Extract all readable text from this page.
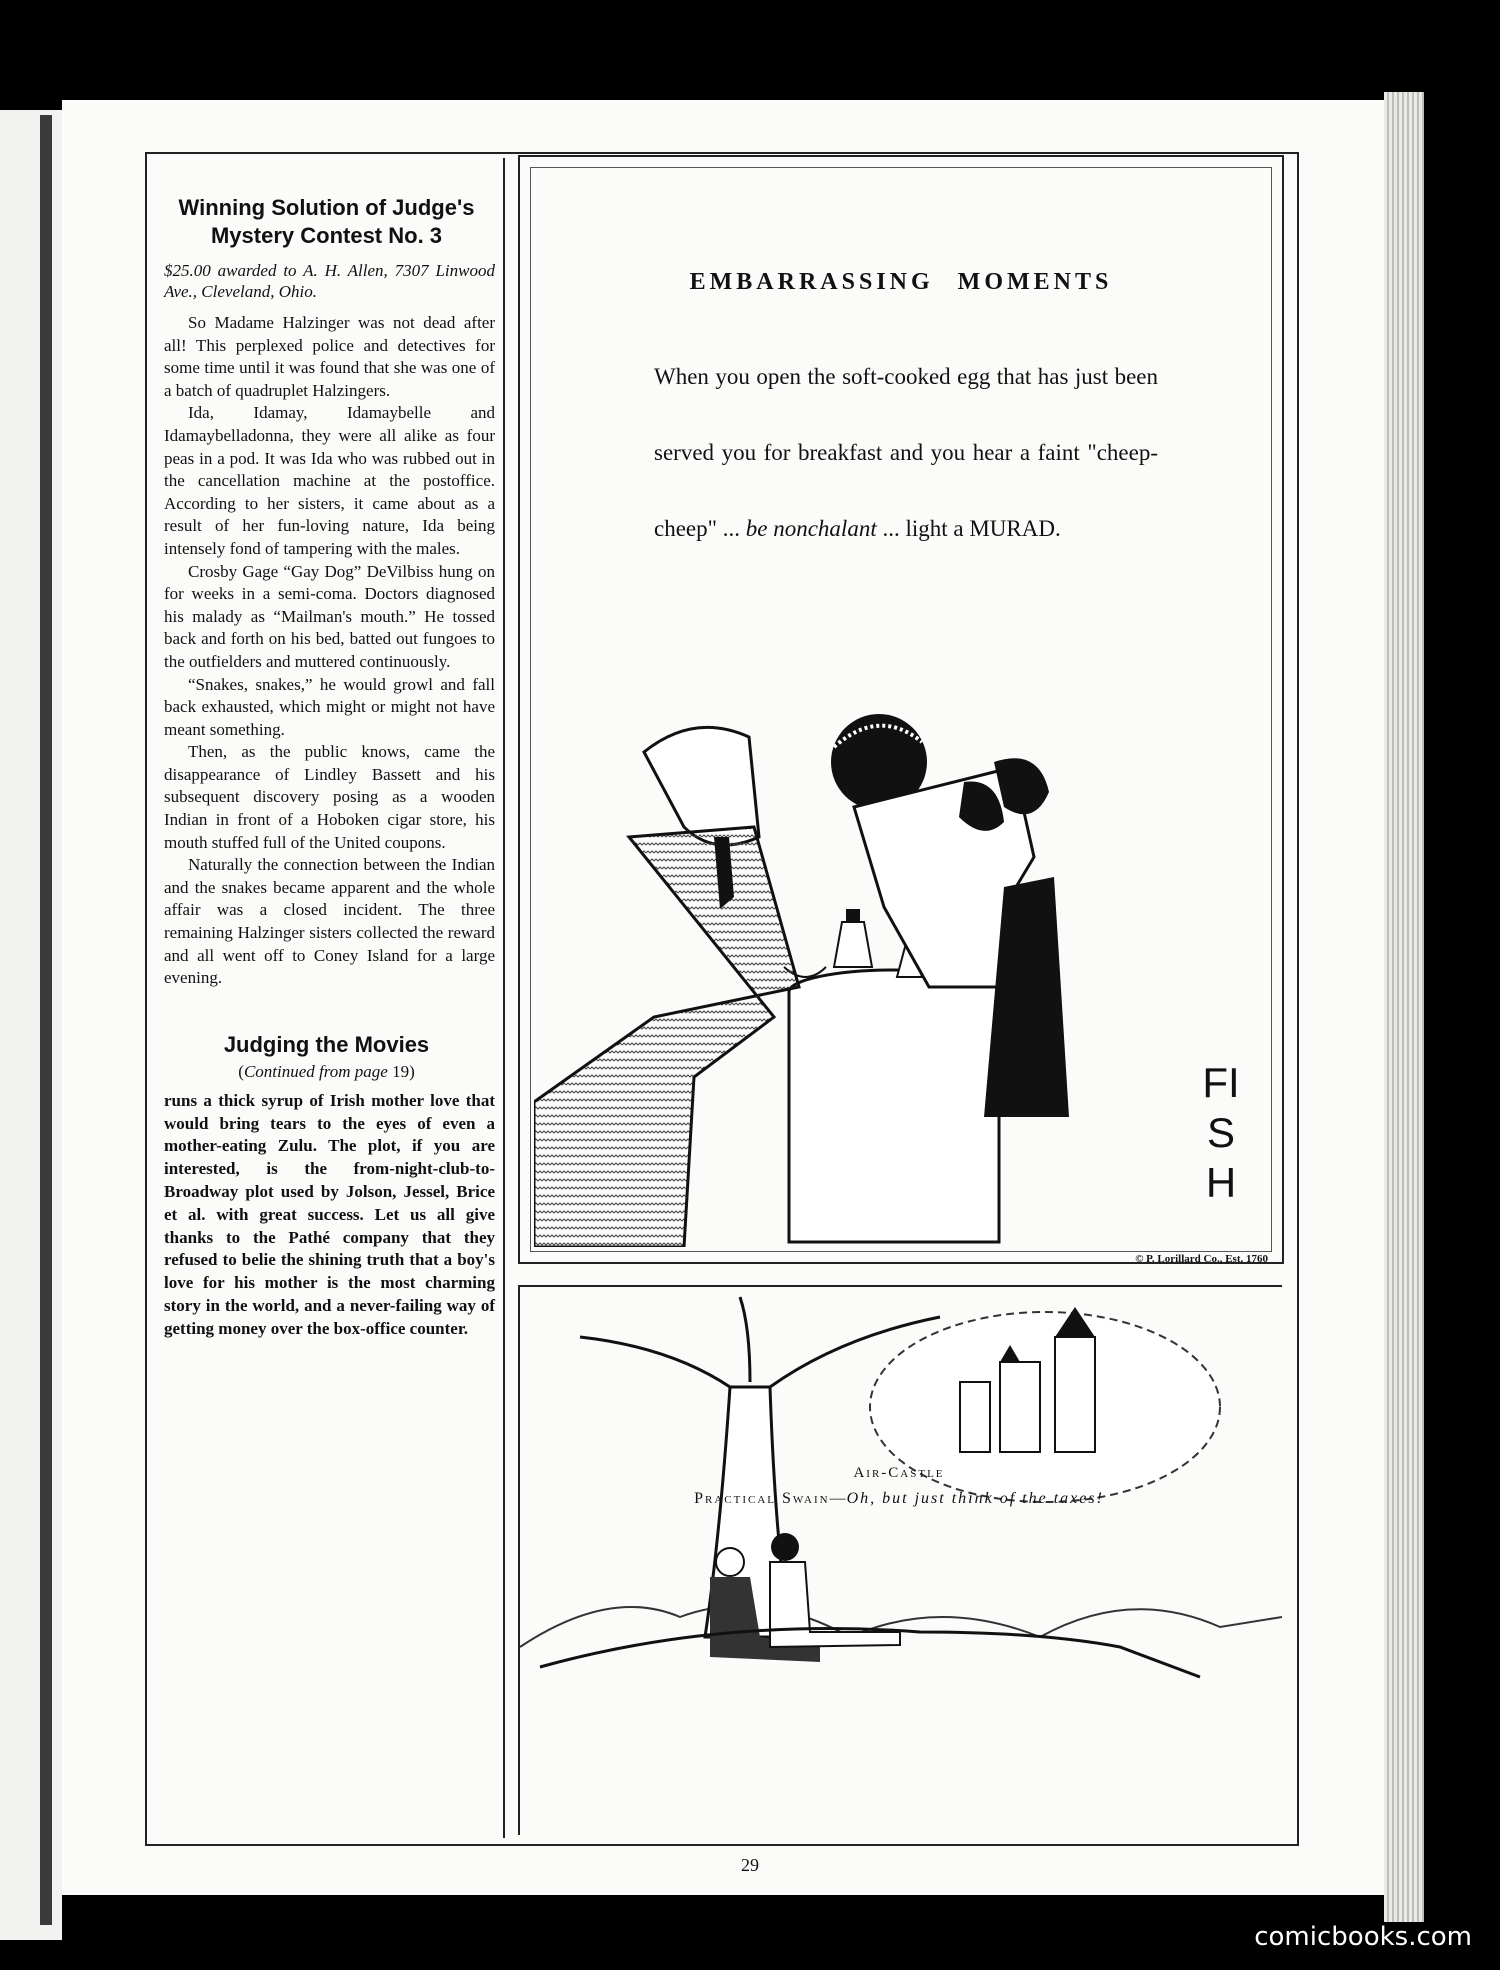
Winning Solution of Judge's Mystery Contest No. 3
$25.00 awarded to A. H. Allen, 7307 Linwood Ave., Cleveland, Ohio.

So Madame Halzinger was not dead after all! This perplexed police and detectives for some time until it was found that she was one of a batch of quadruplet Halzingers.

Ida, Idamay, Idamaybelle and Idamaybelladonna, they were all alike as four peas in a pod. It was Ida who was rubbed out in the cancellation machine at the postoffice. According to her sisters, it came about as a result of her fun-loving nature, Ida being intensely fond of tampering with the males.

Crosby Gage “Gay Dog” DeVilbiss hung on for weeks in a semi-coma. Doctors diagnosed his malady as “Mailman's mouth.” He tossed back and forth on his bed, batted out fungoes to the outfielders and muttered continuously.

“Snakes, snakes,” he would growl and fall back exhausted, which might or might not have meant something.

Then, as the public knows, came the disappearance of Lindley Bassett and his subsequent discovery posing as a wooden Indian in front of a Hoboken cigar store, his mouth stuffed full of the United coupons.

Naturally the connection between the Indian and the snakes became apparent and the whole affair was a closed incident. The three remaining Halzinger sisters collected the reward and all went off to Coney Island for a large evening.

Judging the Movies
(Continued from page 19)
runs a thick syrup of Irish mother love that would bring tears to the eyes of even a mother-eating Zulu. The plot, if you are interested, is the from-night-club-to-Broadway plot used by Jolson, Jessel, Brice et al. with great success. Let us all give thanks to the Pathé company that they refused to belie the shining truth that a boy's love for his mother is the most charming story in the world, and a never-failing way of getting money over the box-office counter.
EMBARRASSING MOMENTS
When you open the soft-cooked egg that has just been served you for breakfast and you hear a faint "cheep-cheep" ... be nonchalant ... light a MURAD.
© P. Lorillard Co., Est. 1760
FISH
Air-Castle
Practical Swain—Oh, but just think of the taxes!
29
comicbooks.com
